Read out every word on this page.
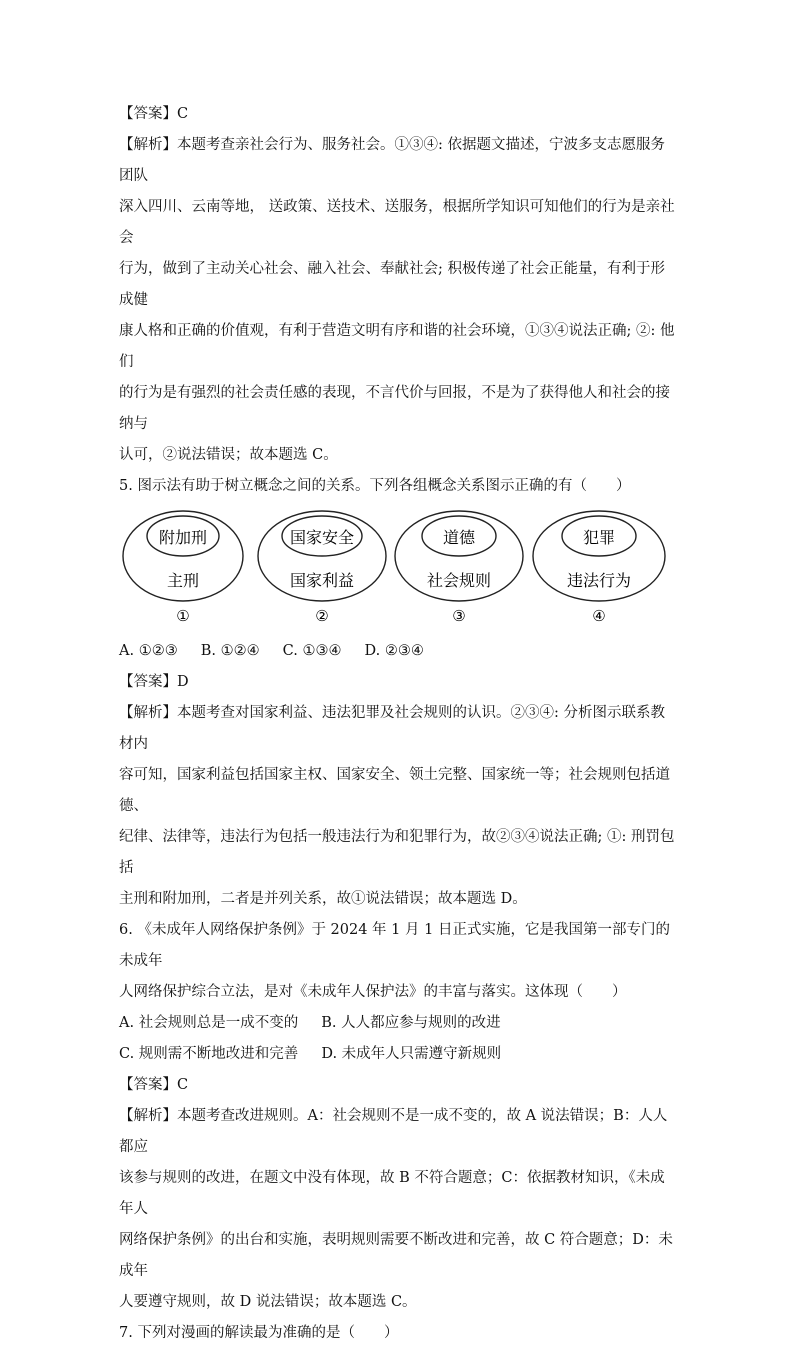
【答案】C

【解析】本题考查亲社会行为、服务社会。①③④: 依据题文描述，宁波多支志愿服务团队

深入四川、云南等地， 送政策、送技术、送服务，根据所学知识可知他们的行为是亲社会

行为，做到了主动关心社会、融入社会、奉献社会; 积极传递了社会正能量，有利于形成健

康人格和正确的价值观，有利于营造文明有序和谐的社会环境，①③④说法正确; ②: 他们

的行为是有强烈的社会责任感的表现，不言代价与回报，不是为了获得他人和社会的接纳与

认可，②说法错误；故本题选 C。

5. 图示法有助于树立概念之间的关系。下列各组概念关系图示正确的有（　　）

附加刑
主刑
①
国家安全
国家利益
②
道德
社会规则
③
犯罪
违法行为
④

A. ①②③     B. ①②④     C. ①③④     D. ②③④

【答案】D

【解析】本题考查对国家利益、违法犯罪及社会规则的认识。②③④: 分析图示联系教材内

容可知，国家利益包括国家主权、国家安全、领土完整、国家统一等；社会规则包括道德、

纪律、法律等，违法行为包括一般违法行为和犯罪行为，故②③④说法正确; ①: 刑罚包括

主刑和附加刑，二者是并列关系，故①说法错误；故本题选 D。

6. 《未成年人网络保护条例》于 2024 年 1 月 1 日正式实施，它是我国第一部专门的未成年

人网络保护综合立法，是对《未成年人保护法》的丰富与落实。这体现（　　）

A. 社会规则总是一成不变的     B. 人人都应参与规则的改进

C. 规则需不断地改进和完善     D. 未成年人只需遵守新规则

【答案】C

【解析】本题考查改进规则。A：社会规则不是一成不变的，故 A 说法错误；B：人人都应

该参与规则的改进，在题文中没有体现，故 B 不符合题意；C：依据教材知识，《未成年人

网络保护条例》的出台和实施，表明规则需要不断改进和完善，故 C 符合题意；D：未成年

人要遵守规则，故 D 说法错误；故本题选 C。

7. 下列对漫画的解读最为准确的是（　　）
